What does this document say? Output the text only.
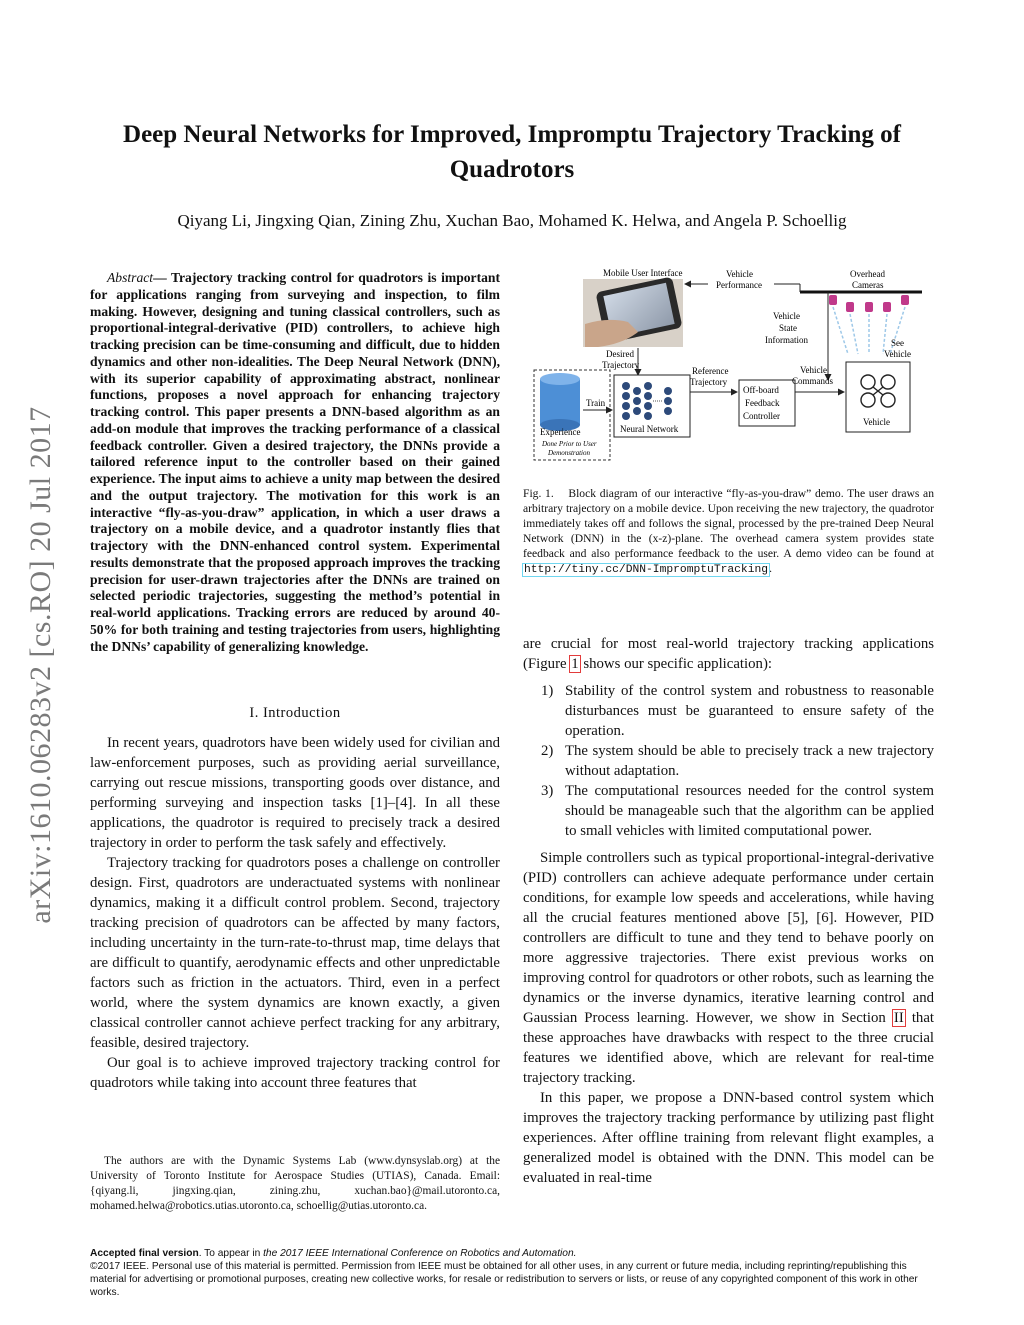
Deep Neural Networks for Improved, Impromptu Trajectory Tracking of Quadrotors
Qiyang Li, Jingxing Qian, Zining Zhu, Xuchan Bao, Mohamed K. Helwa, and Angela P. Schoellig
arXiv:1610.06283v2 [cs.RO] 20 Jul 2017
Abstract— Trajectory tracking control for quadrotors is important for applications ranging from surveying and inspection, to film making. However, designing and tuning classical controllers, such as proportional-integral-derivative (PID) controllers, to achieve high tracking precision can be time-consuming and difficult, due to hidden dynamics and other non-idealities. The Deep Neural Network (DNN), with its superior capability of approximating abstract, nonlinear functions, proposes a novel approach for enhancing trajectory tracking control. This paper presents a DNN-based algorithm as an add-on module that improves the tracking performance of a classical feedback controller. Given a desired trajectory, the DNNs provide a tailored reference input to the controller based on their gained experience. The input aims to achieve a unity map between the desired and the output trajectory. The motivation for this work is an interactive “fly-as-you-draw” application, in which a user draws a trajectory on a mobile device, and a quadrotor instantly flies that trajectory with the DNN-enhanced control system. Experimental results demonstrate that the proposed approach improves the tracking precision for user-drawn trajectories after the DNNs are trained on selected periodic trajectories, suggesting the method’s potential in real-world applications. Tracking errors are reduced by around 40-50% for both training and testing trajectories from users, highlighting the DNNs’ capability of generalizing knowledge.
I. Introduction

In recent years, quadrotors have been widely used for civilian and law-enforcement purposes, such as providing aerial surveillance, carrying out rescue missions, transporting goods over distance, and performing surveying and inspection tasks [1]–[4]. In all these applications, the quadrotor is required to precisely track a desired trajectory in order to perform the task safely and effectively.

Trajectory tracking for quadrotors poses a challenge on controller design. First, quadrotors are underactuated systems with nonlinear dynamics, making it a difficult control problem. Second, trajectory tracking precision of quadrotors can be affected by many factors, including uncertainty in the turn-rate-to-thrust map, time delays that are difficult to quantify, aerodynamic effects and other unpredictable factors such as friction in the actuators. Third, even in a perfect world, where the system dynamics are known exactly, a given classical controller cannot achieve perfect tracking for any arbitrary, feasible, desired trajectory.

Our goal is to achieve improved trajectory tracking control for quadrotors while taking into account three features that

The authors are with the Dynamic Systems Lab (www.dynsyslab.org) at the University of Toronto Institute for Aerospace Studies (UTIAS), Canada. Email: {qiyang.li, jingxing.qian, zining.zhu, xuchan.bao}@mail.utoronto.ca, mohamed.helwa@robotics.utias.utoronto.ca, schoellig@utias.utoronto.ca.
Mobile User Interface	Vehicle
Performance
Overhead
Cameras
Vehicle
State
Information	See
Vehicle
Desired
Trajectory
Experience
Done Prior to User
Demonstration
Train
Neural Network
Reference
Trajectory
Off-board
Feedback
Controller
Vehicle
Commands
Vehicle
Fig. 1. Block diagram of our interactive “fly-as-you-draw” demo. The user draws an arbitrary trajectory on a mobile device. Upon receiving the new trajectory, the quadrotor immediately takes off and follows the signal, processed by the pre-trained Deep Neural Network (DNN) in the (x-z)-plane. The overhead camera system provides state feedback and also performance feedback to the user. A demo video can be found at http://tiny.cc/DNN-ImpromptuTracking.

are crucial for most real-world trajectory tracking applications (Figure 1 shows our specific application):

1) Stability of the control system and robustness to reasonable disturbances must be guaranteed to ensure safety of the operation.
2) The system should be able to precisely track a new trajectory without adaptation.
3) The computational resources needed for the control system should be manageable such that the algorithm can be applied to small vehicles with limited computational power.

Simple controllers such as typical proportional-integral-derivative (PID) controllers can achieve adequate performance under certain conditions, for example low speeds and accelerations, while having all the crucial features mentioned above [5], [6]. However, PID controllers are difficult to tune and they tend to behave poorly on more aggressive trajectories. There exist previous works on improving control for quadrotors or other robots, such as learning the dynamics or the inverse dynamics, iterative learning control and Gaussian Process learning. However, we show in Section II that these approaches have drawbacks with respect to the three crucial features we identified above, which are relevant for real-time trajectory tracking.

In this paper, we propose a DNN-based control system which improves the trajectory tracking performance by utilizing past flight experiences. After offline training from relevant flight examples, a generalized model is obtained with the DNN. This model can be evaluated in real-time

Accepted final version. To appear in the 2017 IEEE International Conference on Robotics and Automation.
©2017 IEEE. Personal use of this material is permitted. Permission from IEEE must be obtained for all other uses, in any current or future media, including reprinting/republishing this material for advertising or promotional purposes, creating new collective works, for resale or redistribution to servers or lists, or reuse of any copyrighted component of this work in other works.
